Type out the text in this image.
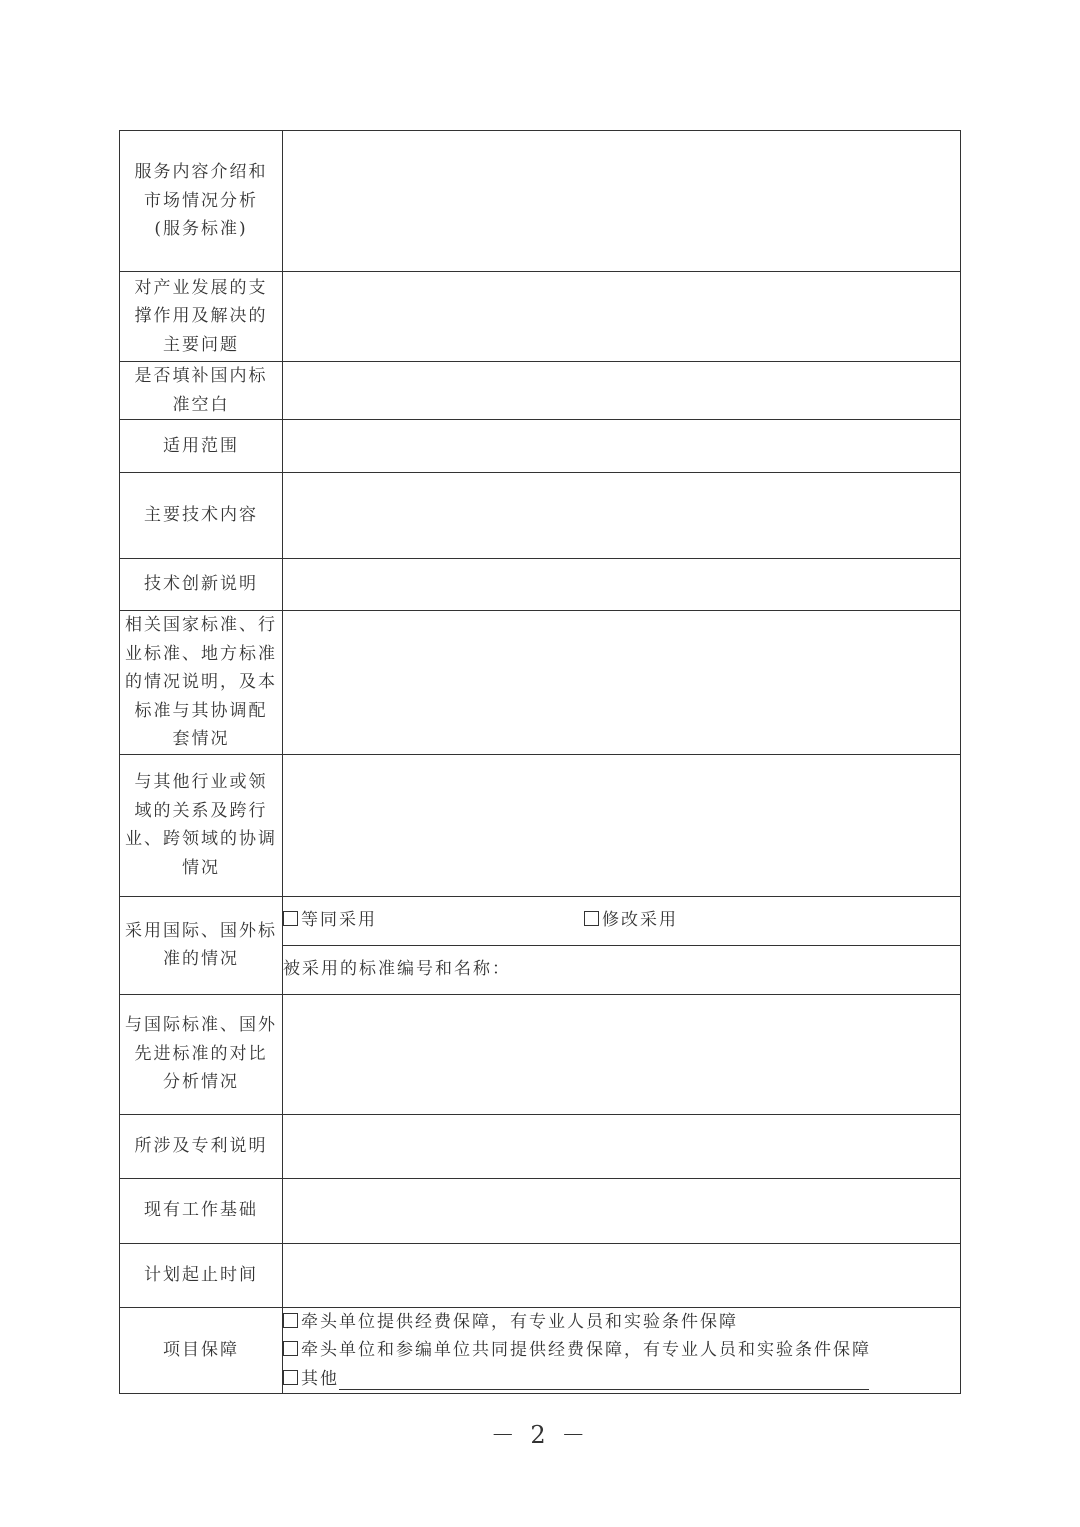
服务内容介绍和
市场情况分析
(服务标准)	

对产业发展的支
撑作用及解决的
主要问题	

是否填补国内标
准空白	

适用范围	

主要技术内容	

技术创新说明	

相关国家标准、行
业标准、地方标准
的情况说明，及本
标准与其协调配
套情况	

与其他行业或领
域的关系及跨行
业、跨领域的协调
情况	

采用国际、国外标
准的情况	等同采用 修改采用
	被采用的标准编号和名称：

与国际标准、国外
先进标准的对比
分析情况	

所涉及专利说明	

现有工作基础	

计划起止时间	

项目保障	牵头单位提供经费保障，有专业人员和实验条件保障
牵头单位和参编单位共同提供经费保障，有专业人员和实验条件保障
其他
－ 2 －
